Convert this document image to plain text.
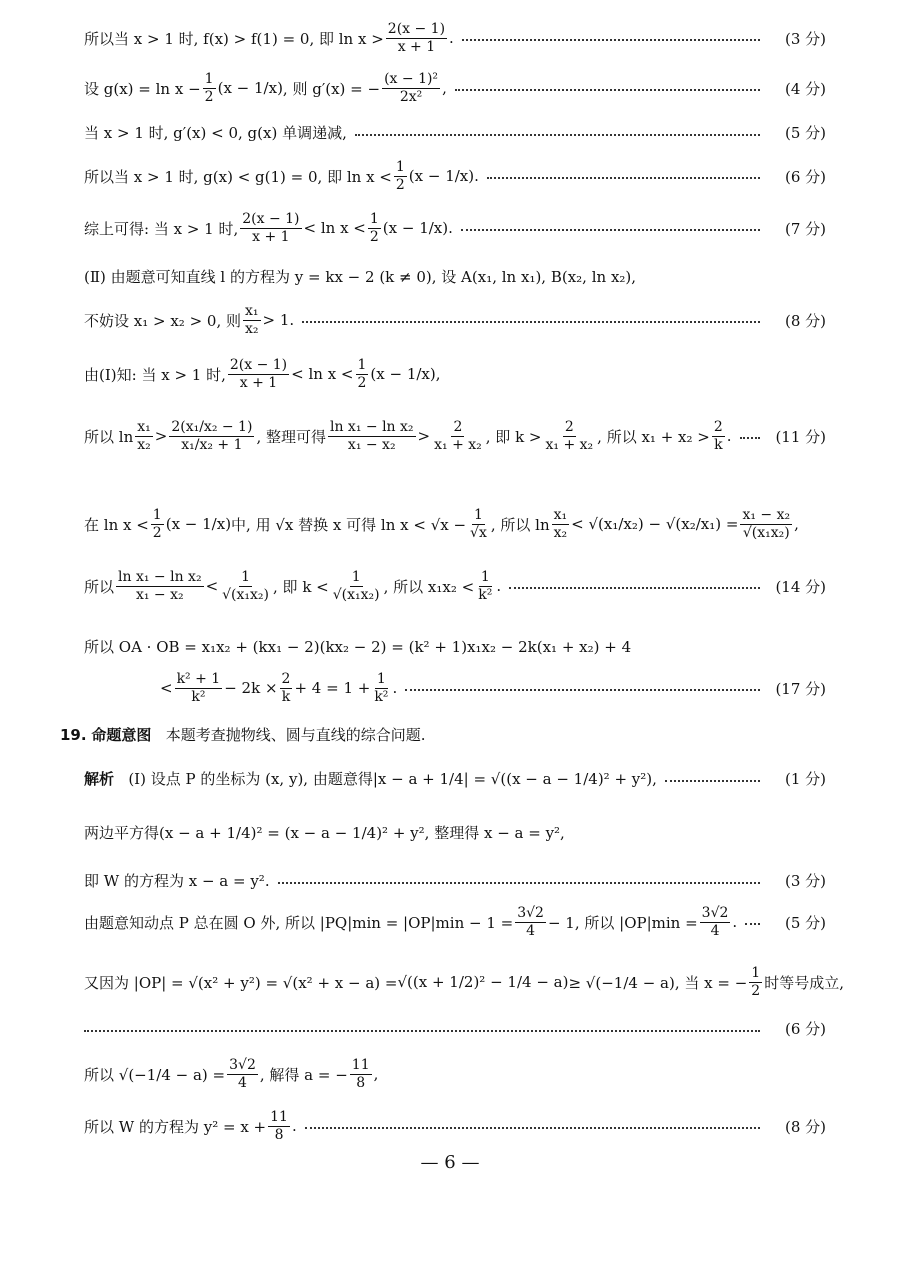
所以当 x > 1 时, f(x) > f(1) = 0, 即 $\ln x > \frac{2(x - 1)}{x + 1}$ .	(3 分)
设 $g(x) = \ln x - \frac{1}{2} (x - 1/x)$ , 则 g′(x) = − $\frac{\text{(x − 1)²}}{\text{2x²}}$ ,	(4 分)
当 x > 1 时, g′(x) < 0, g(x) 单调递减,	(5 分)
所以当 x > 1 时, g(x) < g(1) = 0, 即 $\ln x < \frac{1}{2} (x - 1/x)$ .	(6 分)
综上可得: 当 x > 1 时, $\frac{2(x - 1)}{x + 1} < \ln x < \frac{1}{2} (x - 1/x)$ .	(7 分)
(Ⅱ) 由题意可知直线 l 的方程为 y = kx − 2 (k ≠ 0), 设 A(x₁, ln x₁), B(x₂, ln x₂),
不妨设 x₁ > x₂ > 0, 则 $\frac{\text{x₁}}{\text{x₂}} > 1$.	(8 分)
由(Ⅰ)知: 当 x > 1 时, $\frac{2(x - 1)}{x + 1} < \ln x < \frac{1}{2} (x - 1/x)$ ,
所以 $\ln \frac{\text{x₁}}{\text{x₂}} > \frac{\text{2(x₁/x₂ − 1)}}{\text{x₁/x₂ + 1}}$ , 整理可得 $\frac{\text{ln x₁ − ln x₂}}{\text{x₁ − x₂}} > \frac{2}{\text{x₁ + x₂}}$ , 即 $k > \frac{2}{\text{x₁ + x₂}}$ , 所以 $x_1 + x_2 > \frac{2}{k}$ .	(11 分)
在 $\ln x < \frac{1}{2} (x - 1/x)$ 中, 用 √x 替换 x 可得 $\ln x < √x - \frac{1}{√x}$ , 所以 $\ln \frac{\text{x₁}}{\text{x₂}} < √(x_1/x_2) - √(x_2/x_1) = \frac{\text{x₁ − x₂}}{\text{√(x₁x₂)}}$ ,
所以 $\frac{\text{ln x₁ − ln x₂}}{\text{x₁ − x₂}} < \frac{1}{\text{√(x₁x₂)}}$ , 即 $k < \frac{1}{\text{√(x₁x₂)}}$ , 所以 $x_1x_2 < \frac{1}{\text{k²}}$ .	(14 分)
所以 OA · OB = x₁x₂ + (kx₁ − 2)(kx₂ − 2) = (k² + 1)x₁x₂ − 2k(x₁ + x₂) + 4
< $\frac{\text{k² + 1}}{\text{k²}} - 2k \times \frac{2}{k} + 4 = 1 + \frac{1}{\text{k²}}$ .	(17 分)
19.
命题意图
本题考查抛物线、圆与直线的综合问题.
解析
(Ⅰ) 设点 P 的坐标为 (x, y), 由题意得 |x − a + 1/4| = √((x − a − 1/4)² + y²),	(1 分)
两边平方得 (x − a + 1/4)² = (x − a − 1/4)² + y² , 整理得 x − a = y²,
即 W 的方程为 x − a = y².	(3 分)
由题意知动点 P 总在圆 O 外, 所以 $|PQ|\min = |OP|\min - 1 = \frac{3√2}{4} - 1$, 所以 $|OP|\min = \frac{3√2}{4}$ .	(5 分)
又因为 |OP| = √(x² + y²) = √(x² + x − a) = √((x + 1/2)² − 1/4 − a) ≥ √(−1/4 − a), 当 x = − $\frac{1}{2}$ 时等号成立,
(6 分)
所以 $√(-1/4 - a) = \frac{3√2}{4}$ , 解得 a = − $\frac{11}{8}$ ,
所以 W 的方程为 $y^2 = x + \frac{11}{8}$ .	(8 分)
— 6 —
